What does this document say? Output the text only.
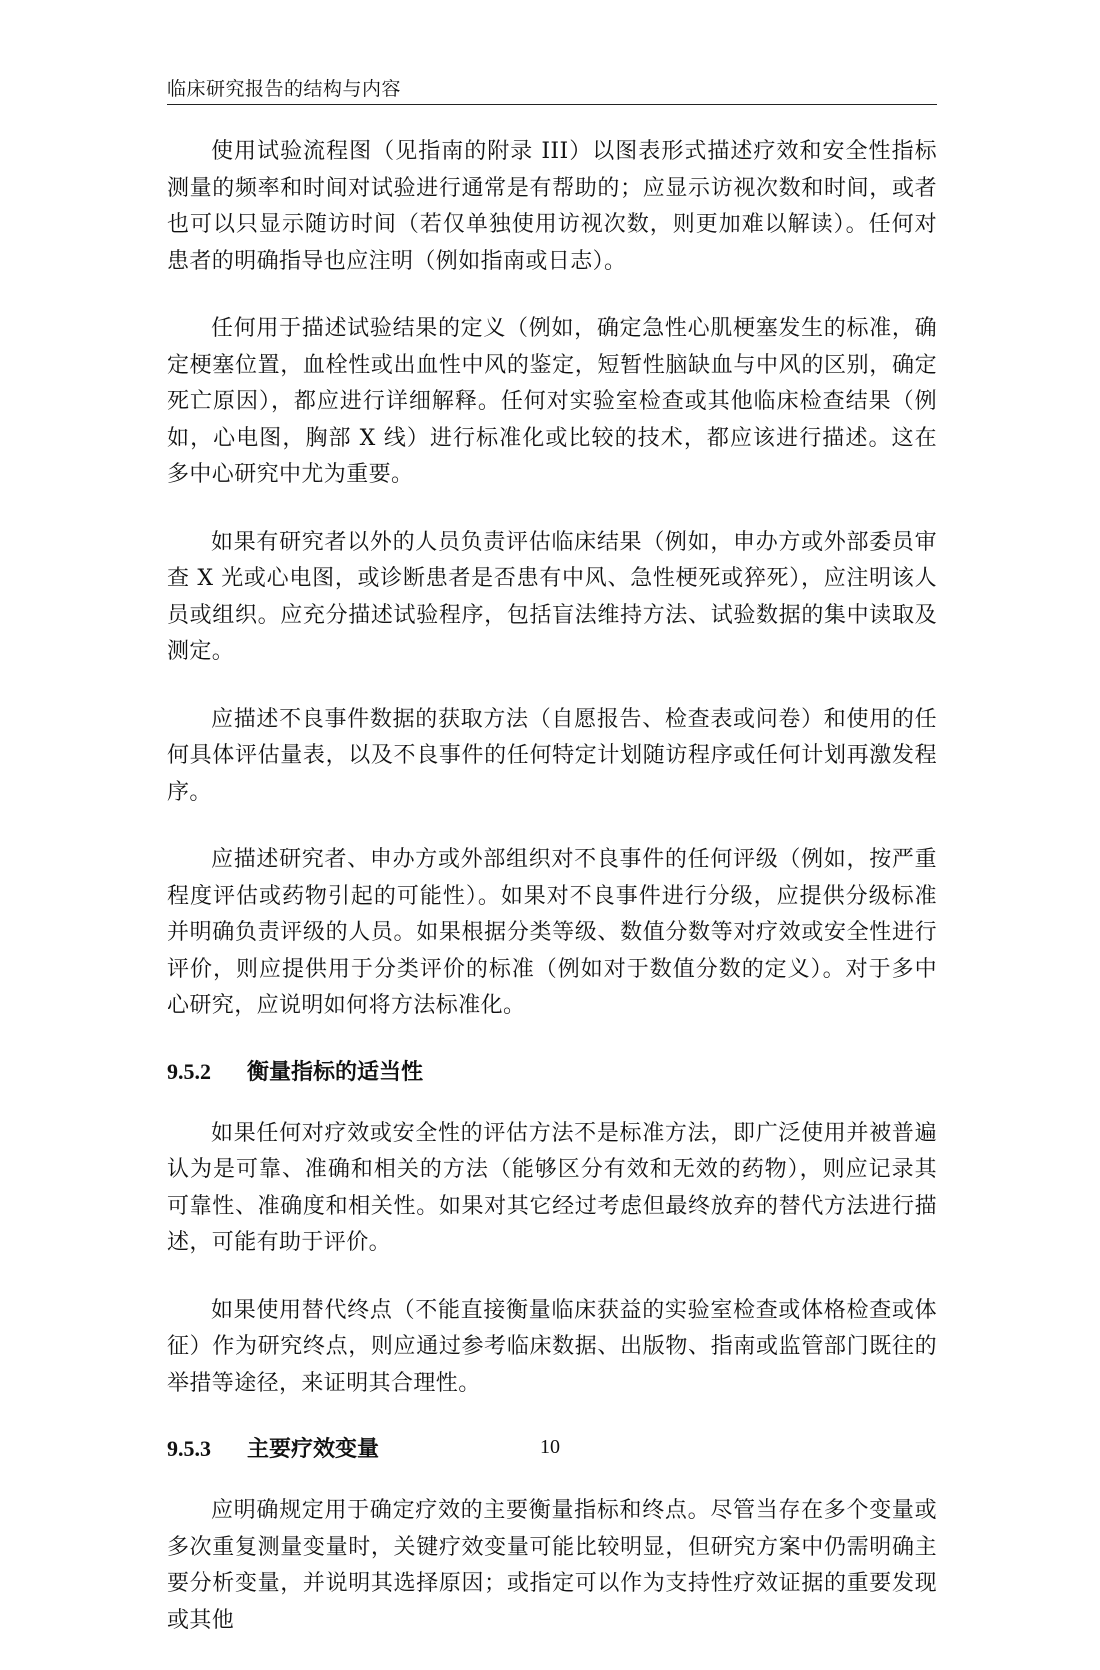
临床研究报告的结构与内容

使用试验流程图（见指南的附录 III）以图表形式描述疗效和安全性指标测量的频率和时间对试验进行通常是有帮助的；应显示访视次数和时间，或者也可以只显示随访时间（若仅单独使用访视次数，则更加难以解读）。任何对患者的明确指导也应注明（例如指南或日志）。

任何用于描述试验结果的定义（例如，确定急性心肌梗塞发生的标准，确定梗塞位置，血栓性或出血性中风的鉴定，短暂性脑缺血与中风的区别，确定死亡原因），都应进行详细解释。任何对实验室检查或其他临床检查结果（例如，心电图，胸部 X 线）进行标准化或比较的技术，都应该进行描述。这在多中心研究中尤为重要。

如果有研究者以外的人员负责评估临床结果（例如，申办方或外部委员审查 X 光或心电图，或诊断患者是否患有中风、急性梗死或猝死），应注明该人员或组织。应充分描述试验程序，包括盲法维持方法、试验数据的集中读取及测定。

应描述不良事件数据的获取方法（自愿报告、检查表或问卷）和使用的任何具体评估量表，以及不良事件的任何特定计划随访程序或任何计划再激发程序。

应描述研究者、申办方或外部组织对不良事件的任何评级（例如，按严重程度评估或药物引起的可能性）。如果对不良事件进行分级，应提供分级标准并明确负责评级的人员。如果根据分类等级、数值分数等对疗效或安全性进行评价，则应提供用于分类评价的标准（例如对于数值分数的定义）。对于多中心研究，应说明如何将方法标准化。

9.5.2	衡量指标的适当性

如果任何对疗效或安全性的评估方法不是标准方法，即广泛使用并被普遍认为是可靠、准确和相关的方法（能够区分有效和无效的药物），则应记录其可靠性、准确度和相关性。如果对其它经过考虑但最终放弃的替代方法进行描述，可能有助于评价。

如果使用替代终点（不能直接衡量临床获益的实验室检查或体格检查或体征）作为研究终点，则应通过参考临床数据、出版物、指南或监管部门既往的举措等途径，来证明其合理性。

9.5.3	主要疗效变量

应明确规定用于确定疗效的主要衡量指标和终点。尽管当存在多个变量或多次重复测量变量时，关键疗效变量可能比较明显，但研究方案中仍需明确主要分析变量，并说明其选择原因；或指定可以作为支持性疗效证据的重要发现或其他

10
